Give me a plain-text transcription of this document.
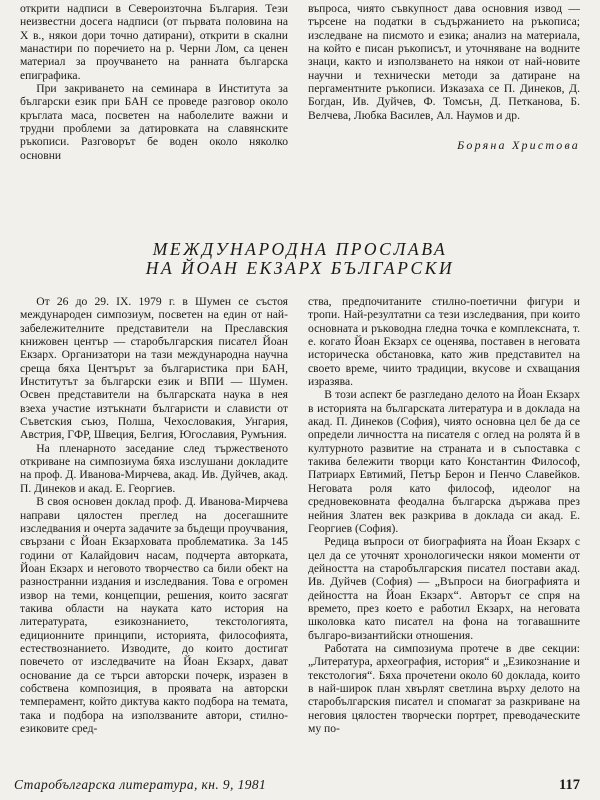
открити надписи в Североизточна България. Тези неизвестни досега надписи (от първата половина на X в., някои дори точно датирани), открити в скални манастири по поречието на р. Черни Лом, са ценен материал за проучването на ранната българска епиграфика.

При закриването на семинара в Института за български език при БАН се проведе разговор около кръглата маса, посветен на наболелите важни и трудни проблеми за датировката на славянските ръкописи. Разговорът бе воден около няколко основни

въпроса, чиято съвкупност дава основния извод — търсене на податки в съдържанието на ръкописа; изследване на писмото и езика; анализ на материала, на който е писан ръкописът, и уточняване на водните знаци, както и използването на някои от най-новите научни и технически методи за датиране на пергаментните ръкописи. Изказаха се П. Динеков, Д. Богдан, Ив. Дуйчев, Ф. Томсън, Д. Петканова, Б. Велчева, Любка Василев, Ал. Наумов и др.

Боряна Христова
МЕЖДУНАРОДНА ПРОСЛАВА
НА ЙОАН ЕКЗАРХ БЪЛГАРСКИ

От 26 до 29. IX. 1979 г. в Шумен се състоя международен симпозиум, посветен на един от най-забележителните представители на Преславския книжовен център — старобългарския писател Йоан Екзарх. Организатори на тази международна научна среща бяха Центърът за българистика при БАН, Институтът за български език и ВПИ — Шумен. Освен представители на българската наука в нея взеха участие изтъкнати българисти и слависти от Съветския съюз, Полша, Чехословакия, Унгария, Австрия, ГФР, Швеция, Белгия, Югославия, Румъния.

На пленарното заседание след тържественото откриване на симпозиума бяха изслушани докладите на проф. Д. Иванова-Мирчева, акад. Ив. Дуйчев, акад. П. Динеков и акад. Е. Георгиев.

В своя основен доклад проф. Д. Иванова-Мирчева направи цялостен преглед на досегашните изследвания и очерта задачите за бъдещи проучвания, свързани с Йоан Екзарховата проблематика. За 145 години от Калайдович насам, подчерта авторката, Йоан Екзарх и неговото творчество са били обект на разностранни издания и изследвания. Това е огромен извор на теми, концепции, решения, които засягат такива области на науката като история на литературата, езикознанието, текстологията, едиционните принципи, историята, философията, естествознанието. Изводите, до които достигат повечето от изследвачите на Йоан Екзарх, дават основание да се търси авторски почерк, изразен в собствена композиция, в проявата на авторски темперамент, който диктува както подбора на темата, така и подбора на използваните автори, стилно-езиковите сред-

ства, предпочитаните стилно-поетични фигури и тропи. Най-резултатни са тези изследвания, при които основната и ръководна гледна точка е комплексната, т. е. когато Йоан Екзарх се оценява, поставен в неговата историческа обстановка, като жив представител на своето време, чиито традиции, вкусове и схващания изразява.

В този аспект бе разгледано делото на Йоан Екзарх в историята на българската литература и в доклада на акад. П. Динеков (София), чиято основна цел бе да се определи личността на писателя с оглед на ролята й в културното развитие на страната и в съпоставка с такива бележити творци като Константин Философ, Патриарх Евтимий, Петър Берон и Пенчо Славейков. Неговата роля като философ, идеолог на средновековната феодална българска държава през нейния Златен век разкрива в доклада си акад. Е. Георгиев (София).

Редица въпроси от биографията на Йоан Екзарх с цел да се уточнят хронологически някои моменти от дейността на старобългарския писател постави акад. Ив. Дуйчев (София) — „Въпроси на биографията и дейността на Йоан Екзарх“. Авторът се спря на времето, през което е работил Екзарх, на неговата школовка като писател на фона на тогавашните българо-византийски отношения.

Работата на симпозиума протече в две секции: „Литература, археография, история“ и „Езикознание и текстология“. Бяха прочетени около 60 доклада, които в най-широк план хвърлят светлина върху делото на старобългарския писател и спомагат за разкриване на неговия цялостен творчески портрет, преводаческите му по-

Старобългарска литература, кн. 9, 1981	117
